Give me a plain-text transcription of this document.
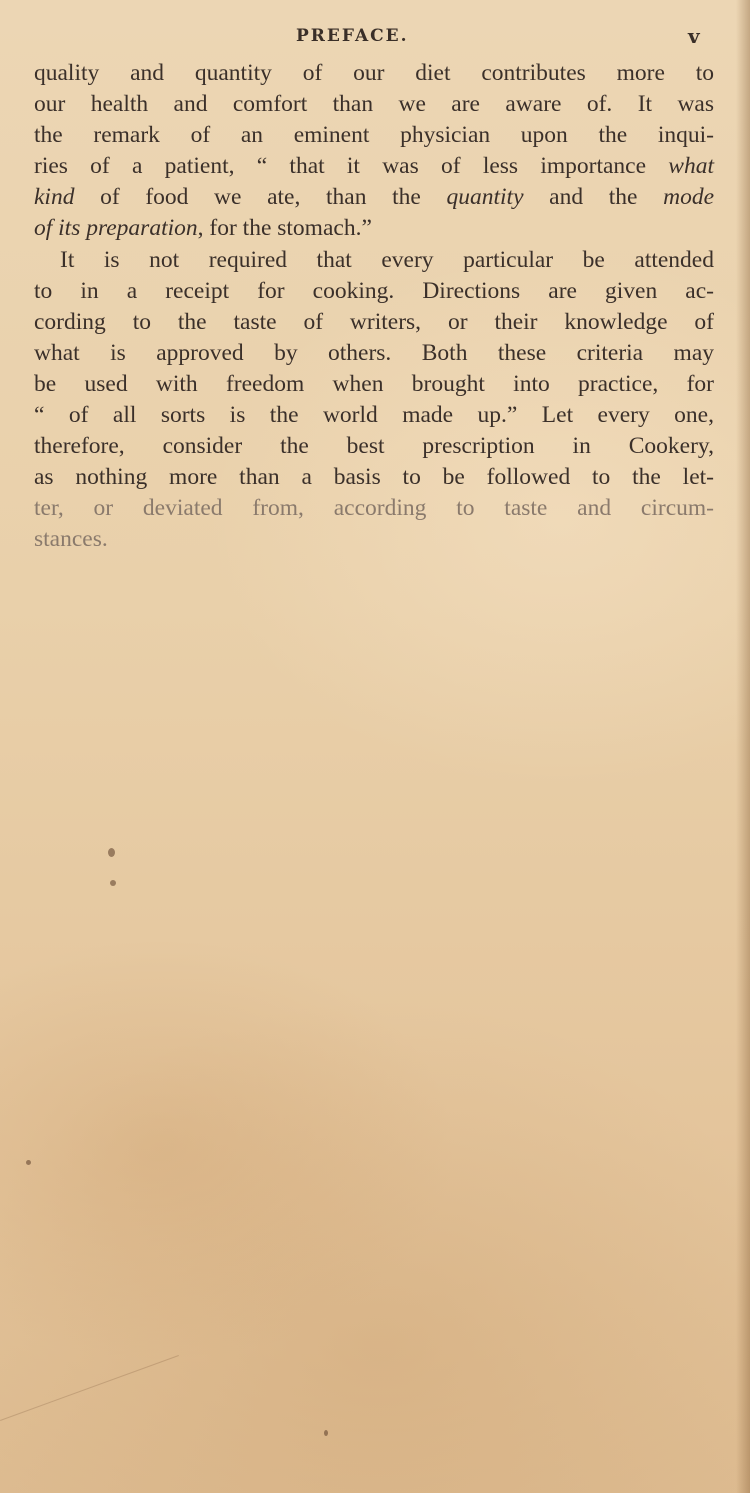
PREFACE.	v
quality and quantity of our diet contributes more to
our health and comfort than we are aware of. It was
the remark of an eminent physician upon the inqui-
ries of a patient, “ that it was of less importance what
kind of food we ate, than the quantity and the mode
of its preparation, for the stomach.”
It is not required that every particular be attended
to in a receipt for cooking. Directions are given ac-
cording to the taste of writers, or their knowledge of
what is approved by others. Both these criteria may
be used with freedom when brought into practice, for
“ of all sorts is the world made up.” Let every one,
therefore, consider the best prescription in Cookery,
as nothing more than a basis to be followed to the let-
ter, or deviated from, according to taste and circum-
stances.
